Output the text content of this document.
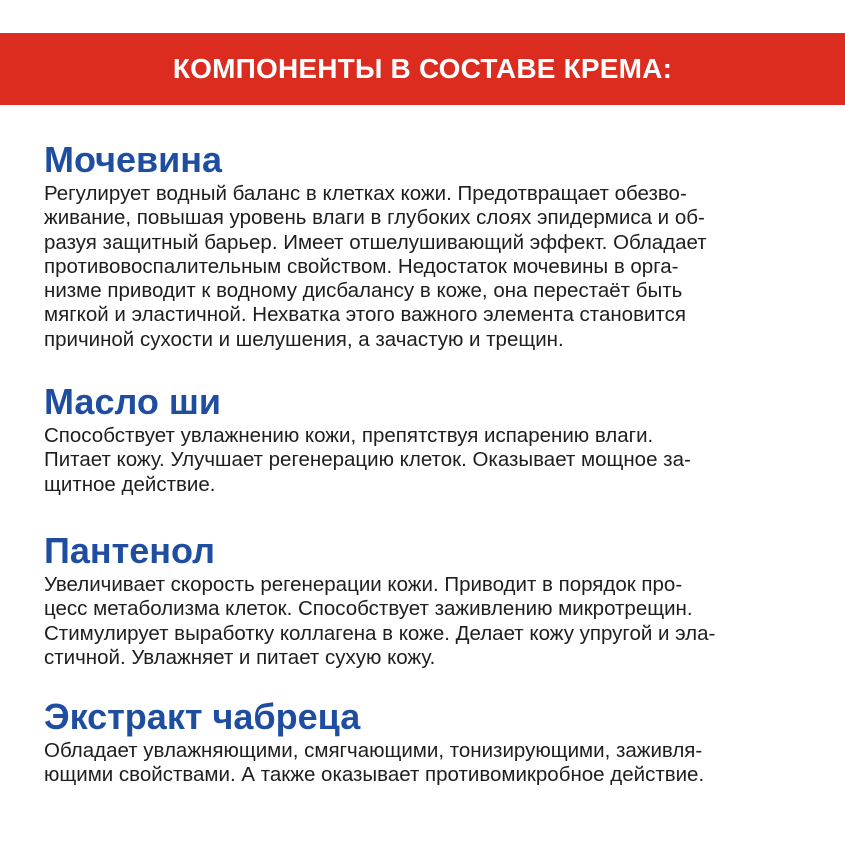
КОМПОНЕНТЫ В СОСТАВЕ КРЕМА:
Мочевина
Регулирует водный баланс в клетках кожи. Предотвращает обезво-
живание, повышая уровень влаги в глубоких слоях эпидермиса и об-
разуя защитный барьер. Имеет отшелушивающий эффект. Обладает
противовоспалительным свойством. Недостаток мочевины в орга-
низме приводит к водному дисбалансу в коже, она перестаёт быть
мягкой и эластичной. Нехватка этого важного элемента становится
причиной сухости и шелушения, а зачастую и трещин.
Масло ши
Способствует увлажнению кожи, препятствуя испарению влаги.
Питает кожу. Улучшает регенерацию клеток. Оказывает мощное за-
щитное действие.
Пантенол
Увеличивает скорость регенерации кожи. Приводит в порядок про-
цесс метаболизма клеток. Способствует заживлению микротрещин.
Стимулирует выработку коллагена в коже. Делает кожу упругой и эла-
стичной. Увлажняет и питает сухую кожу.
Экстракт чабреца
Обладает увлажняющими, смягчающими, тонизирующими, заживля-
ющими свойствами. А также оказывает противомикробное действие.
